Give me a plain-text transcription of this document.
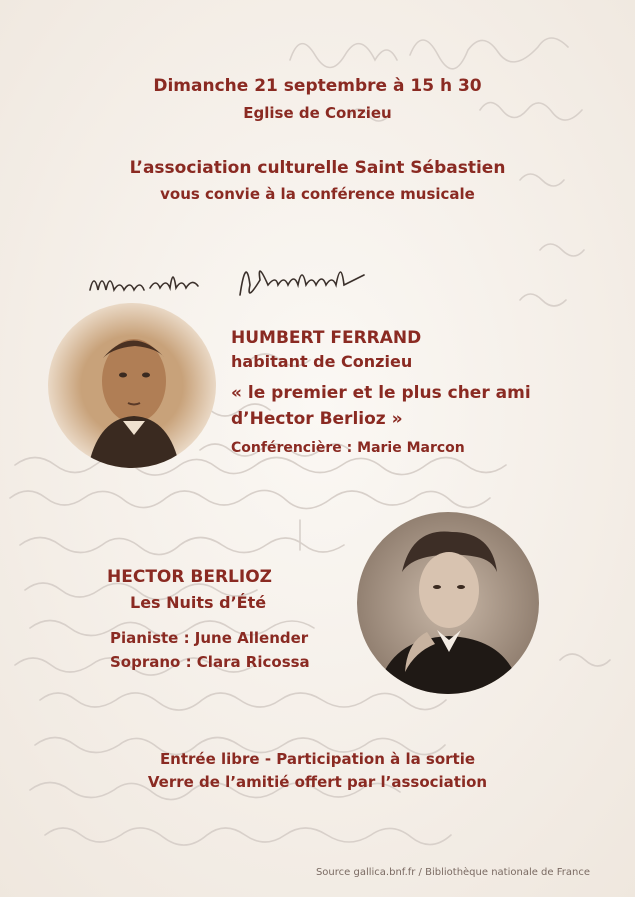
Dimanche 21 septembre à 15 h 30
Eglise de Conzieu
L’association culturelle Saint Sébastien
vous convie à la conférence musicale
HUMBERT FERRAND
habitant de Conzieu
« le premier et le plus cher ami
d’Hector Berlioz »
Conférencière : Marie Marcon
HECTOR BERLIOZ
Les Nuits d’Été
Pianiste : June Allender
Soprano : Clara Ricossa
Entrée libre - Participation à la sortie
Verre de l’amitié offert par l’association
Source gallica.bnf.fr / Bibliothèque nationale de France
